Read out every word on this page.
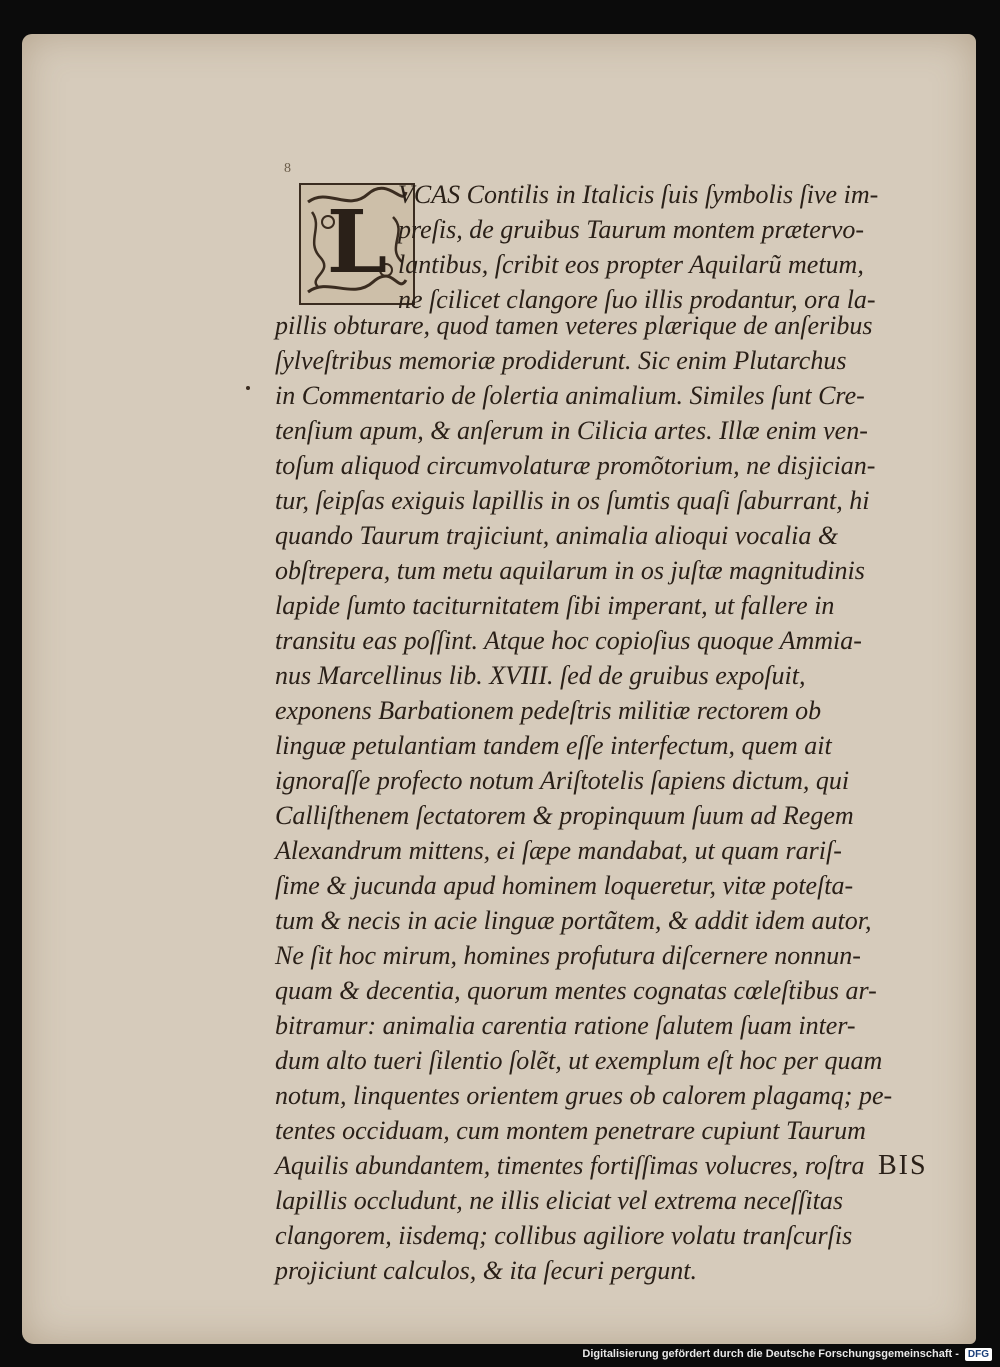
8
L VCAS Contilis in Italicis ſuis ſymbolis ſive im-

preſis, de gruibus Taurum montem prætervo-

lantibus, ſcribit eos propter Aquilarũ metum,

ne ſcilicet clangore ſuo illis prodantur, ora la-

pillis obturare, quod tamen veteres plærique de anſeribus

ſylveſtribus memoriæ prodiderunt. Sic enim Plutarchus

in Commentario de ſolertia animalium. Similes ſunt Cre-

tenſium apum, & anſerum in Cilicia artes. Illæ enim ven-

toſum aliquod circumvolaturæ promõtorium, ne disjician-

tur, ſeipſas exiguis lapillis in os ſumtis quaſi ſaburrant, hi

quando Taurum trajiciunt, animalia alioqui vocalia &

obſtrepera, tum metu aquilarum in os juſtæ magnitudinis

lapide ſumto taciturnitatem ſibi imperant, ut fallere in

transitu eas poſſint. Atque hoc copioſius quoque Ammia-

nus Marcellinus lib. XVIII. ſed de gruibus expoſuit,

exponens Barbationem pedeſtris militiæ rectorem ob

linguæ petulantiam tandem eſſe interfectum, quem ait

ignoraſſe profecto notum Ariſtotelis ſapiens dictum, qui

Calliſthenem ſectatorem & propinquum ſuum ad Regem

Alexandrum mittens, ei ſæpe mandabat, ut quam rariſ-

ſime & jucunda apud hominem loqueretur, vitæ poteſta-

tum & necis in acie linguæ portãtem, & addit idem autor,

Ne ſit hoc mirum, homines profutura diſcernere nonnun-

quam & decentia, quorum mentes cognatas cœleſtibus ar-

bitramur: animalia carentia ratione ſalutem ſuam inter-

dum alto tueri ſilentio ſolẽt, ut exemplum eſt hoc per quam

notum, linquentes orientem grues ob calorem plagamq; pe-

tentes occiduam, cum montem penetrare cupiunt Taurum

Aquilis abundantem, timentes fortiſſimas volucres, roſtra

lapillis occludunt, ne illis eliciat vel extrema neceſſitas

clangorem, iisdemq; collibus agiliore volatu tranſcurſis

projiciunt calculos, & ita ſecuri pergunt.

BIS

Digitalisierung gefördert durch die Deutsche Forschungsgemeinschaft - DFG
